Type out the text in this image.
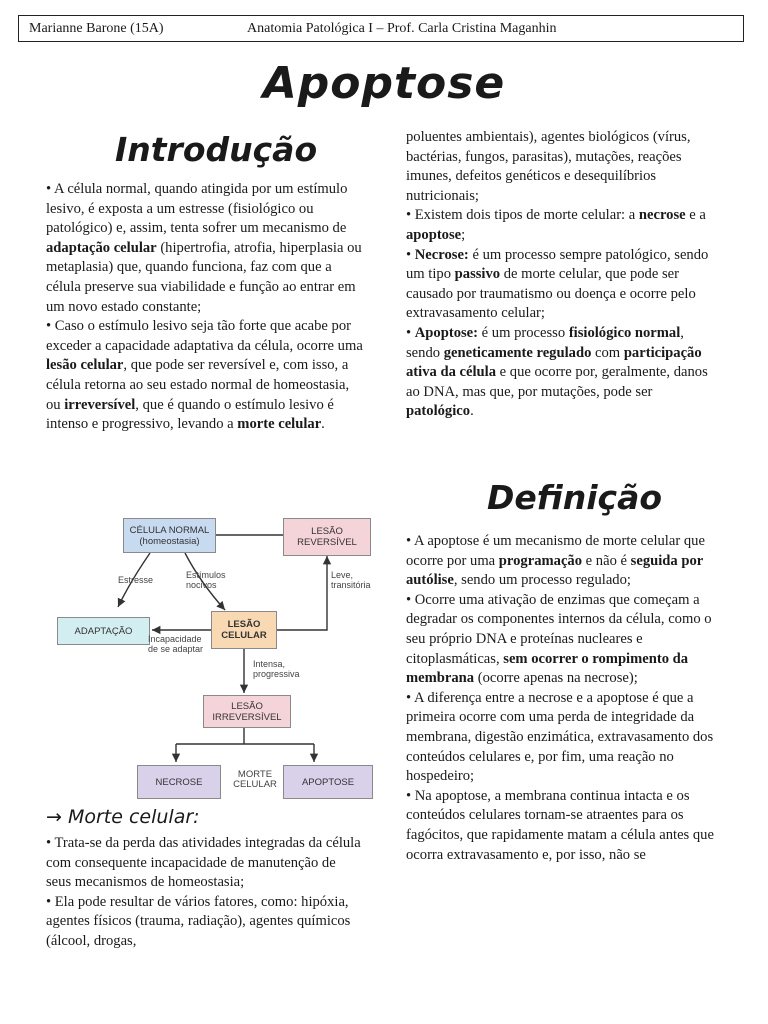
Marianne Barone (15A)	Anatomia Patológica I – Prof. Carla Cristina Maganhin
Apoptose
Introdução

• A célula normal, quando atingida por um estímulo lesivo, é exposta a um estresse (fisiológico ou patológico) e, assim, tenta sofrer um mecanismo de adaptação celular (hipertrofia, atrofia, hiperplasia ou metaplasia) que, quando funciona, faz com que a célula preserve sua viabilidade e função ao entrar em um novo estado constante;

• Caso o estímulo lesivo seja tão forte que acabe por exceder a capacidade adaptativa da célula, ocorre uma lesão celular, que pode ser reversível e, com isso, a célula retorna ao seu estado normal de homeostasia, ou irreversível, que é quando o estímulo lesivo é intenso e progressivo, levando a morte celular.

CÉLULA NORMAL
(homeostasia)
LESÃO
REVERSÍVEL
ADAPTAÇÃO
LESÃO
CELULAR
LESÃO
IRREVERSÍVEL
NECROSE	APOPTOSE
MORTE
CELULAR
Estresse	Estímulos
nocivos
Leve,
transitória
Incapacidade
de se adaptar
Intensa,
progressiva
→ Morte celular:

• Trata-se da perda das atividades integradas da célula com consequente incapacidade de manutenção de seus mecanismos de homeostasia;

• Ela pode resultar de vários fatores, como: hipóxia, agentes físicos (trauma, radiação), agentes químicos (álcool, drogas,

poluentes ambientais), agentes biológicos (vírus, bactérias, fungos, parasitas), mutações, reações imunes, defeitos genéticos e desequilíbrios nutricionais;

• Existem dois tipos de morte celular: a necrose e a apoptose;

• Necrose: é um processo sempre patológico, sendo um tipo passivo de morte celular, que pode ser causado por traumatismo ou doença e ocorre pelo extravasamento celular;

• Apoptose: é um processo fisiológico normal, sendo geneticamente regulado com participação ativa da célula e que ocorre por, geralmente, danos ao DNA, mas que, por mutações, pode ser patológico.

Definição

• A apoptose é um mecanismo de morte celular que ocorre por uma programação e não é seguida por autólise, sendo um processo regulado;

• Ocorre uma ativação de enzimas que começam a degradar os componentes internos da célula, como o seu próprio DNA e proteínas nucleares e citoplasmáticas, sem ocorrer o rompimento da membrana (ocorre apenas na necrose);

• A diferença entre a necrose e a apoptose é que a primeira ocorre com uma perda de integridade da membrana, digestão enzimática, extravasamento dos conteúdos celulares e, por fim, uma reação no hospedeiro;

• Na apoptose, a membrana continua intacta e os conteúdos celulares tornam-se atraentes para os fagócitos, que rapidamente matam a célula antes que ocorra extravasamento e, por isso, não se
